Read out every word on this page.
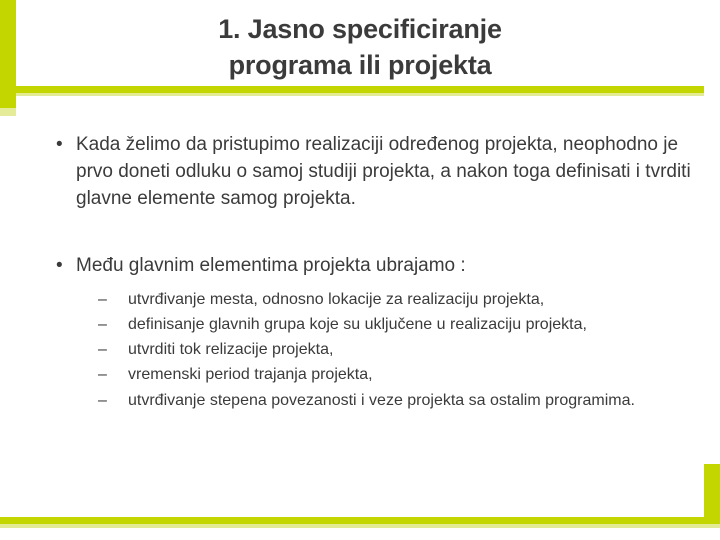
1. Jasno specificiranje
programa ili projekta
• Kada želimo da pristupimo realizaciji određenog projekta, neophodno je prvo doneti odluku o samoj studiji projekta, a nakon toga definisati i tvrditi glavne elemente samog projekta.
• Među glavnim elementima projekta ubrajamo :
– utvrđivanje mesta, odnosno lokacije za realizaciju projekta,
– definisanje glavnih grupa koje su uključene u realizaciju projekta,
– utvrditi tok relizacije projekta,
– vremenski period trajanja projekta,
– utvrđivanje stepena povezanosti i veze projekta sa ostalim programima.
